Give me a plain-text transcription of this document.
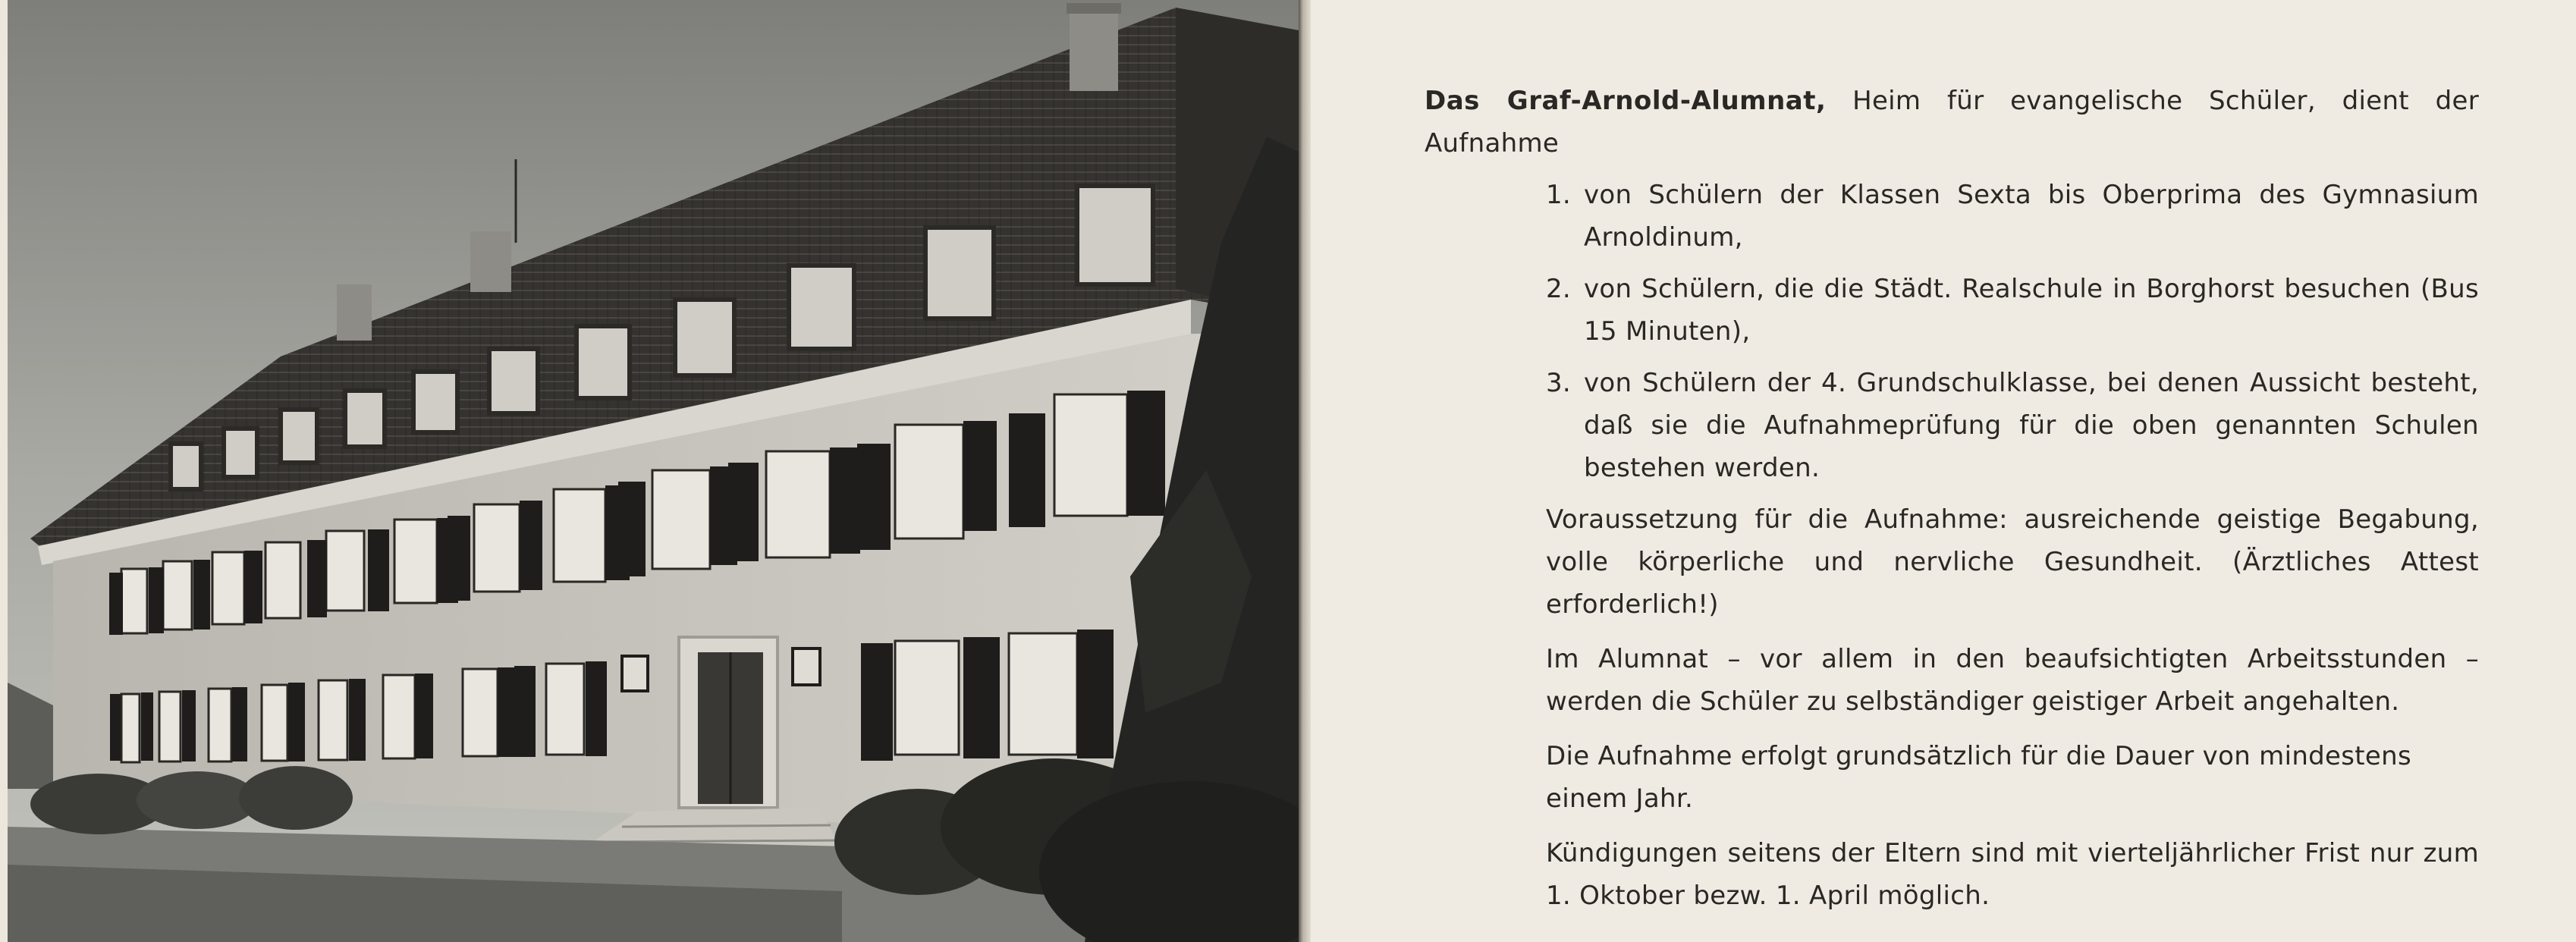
Das Graf-Arnold-Alumnat, Heim für evangelische Schüler, dient der Aufnahme

1. von Schülern der Klassen Sexta bis Oberprima des Gymnasium Arnoldinum,
2. von Schülern, die die Städt. Realschule in Borghorst besuchen (Bus 15 Minuten),
3. von Schülern der 4. Grundschulklasse, bei denen Aussicht besteht, daß sie die Aufnahmeprüfung für die oben genannten Schulen bestehen werden.

Voraussetzung für die Aufnahme: ausreichende geistige Begabung, volle körperliche und nervliche Gesundheit. (Ärztliches Attest erforderlich!)

Im Alumnat – vor allem in den beaufsichtigten Arbeitsstunden – werden die Schüler zu selbständiger geistiger Arbeit angehalten.

Die Aufnahme erfolgt grundsätzlich für die Dauer von mindestens einem Jahr.

Kündigungen seitens der Eltern sind mit vierteljährlicher Frist nur zum 1. Oktober bezw. 1. April möglich.
